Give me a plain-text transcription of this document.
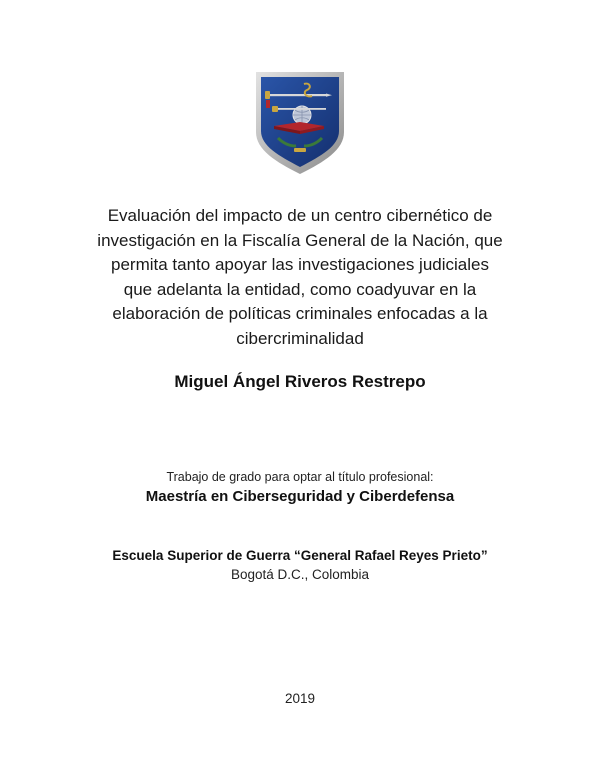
Evaluación del impacto de un centro cibernético de
investigación en la Fiscalía General de la Nación, que
permita tanto apoyar las investigaciones judiciales
que adelanta la entidad, como coadyuvar en la
elaboración de políticas criminales enfocadas a la
cibercriminalidad

Miguel Ángel Riveros Restrepo

Trabajo de grado para optar al título profesional:
Maestría en Ciberseguridad y Ciberdefensa
Escuela Superior de Guerra “General Rafael Reyes Prieto”
Bogotá D.C., Colombia
2019
